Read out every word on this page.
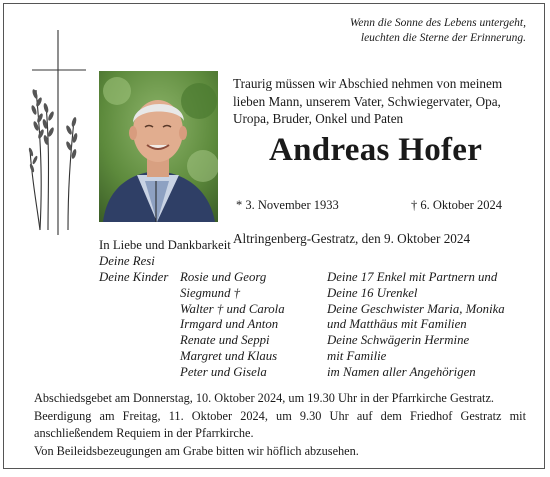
Wenn die Sonne des Lebens untergeht,
leuchten die Sterne der Erinnerung.
Traurig müssen wir Abschied nehmen von meinem
lieben Mann, unserem Vater, Schwiegervater, Opa,
Uropa, Bruder, Onkel und Paten
Andreas Hofer
* 3. November 1933	† 6. Oktober 2024
Altringenberg-Gestratz, den 9. Oktober 2024
In Liebe und Dankbarkeit
Deine Resi
Deine Kinder Rosie und Georg	Deine 17 Enkel mit Partnern und
Siegmund †	Deine 16 Urenkel
Walter † und Carola	Deine Geschwister Maria, Monika
Irmgard und Anton	und Matthäus mit Familien
Renate und Seppi	Deine Schwägerin Hermine
Margret und Klaus	mit Familie
Peter und Gisela	im Namen aller Angehörigen

Abschiedsgebet am Donnerstag, 10. Oktober 2024, um 19.30 Uhr in der Pfarrkirche Gestratz.

Beerdigung am Freitag, 11. Oktober 2024, um 9.30 Uhr auf dem Friedhof Gestratz mit anschließendem Requiem in der Pfarrkirche.

Von Beileidsbezeugungen am Grabe bitten wir höflich abzusehen.
